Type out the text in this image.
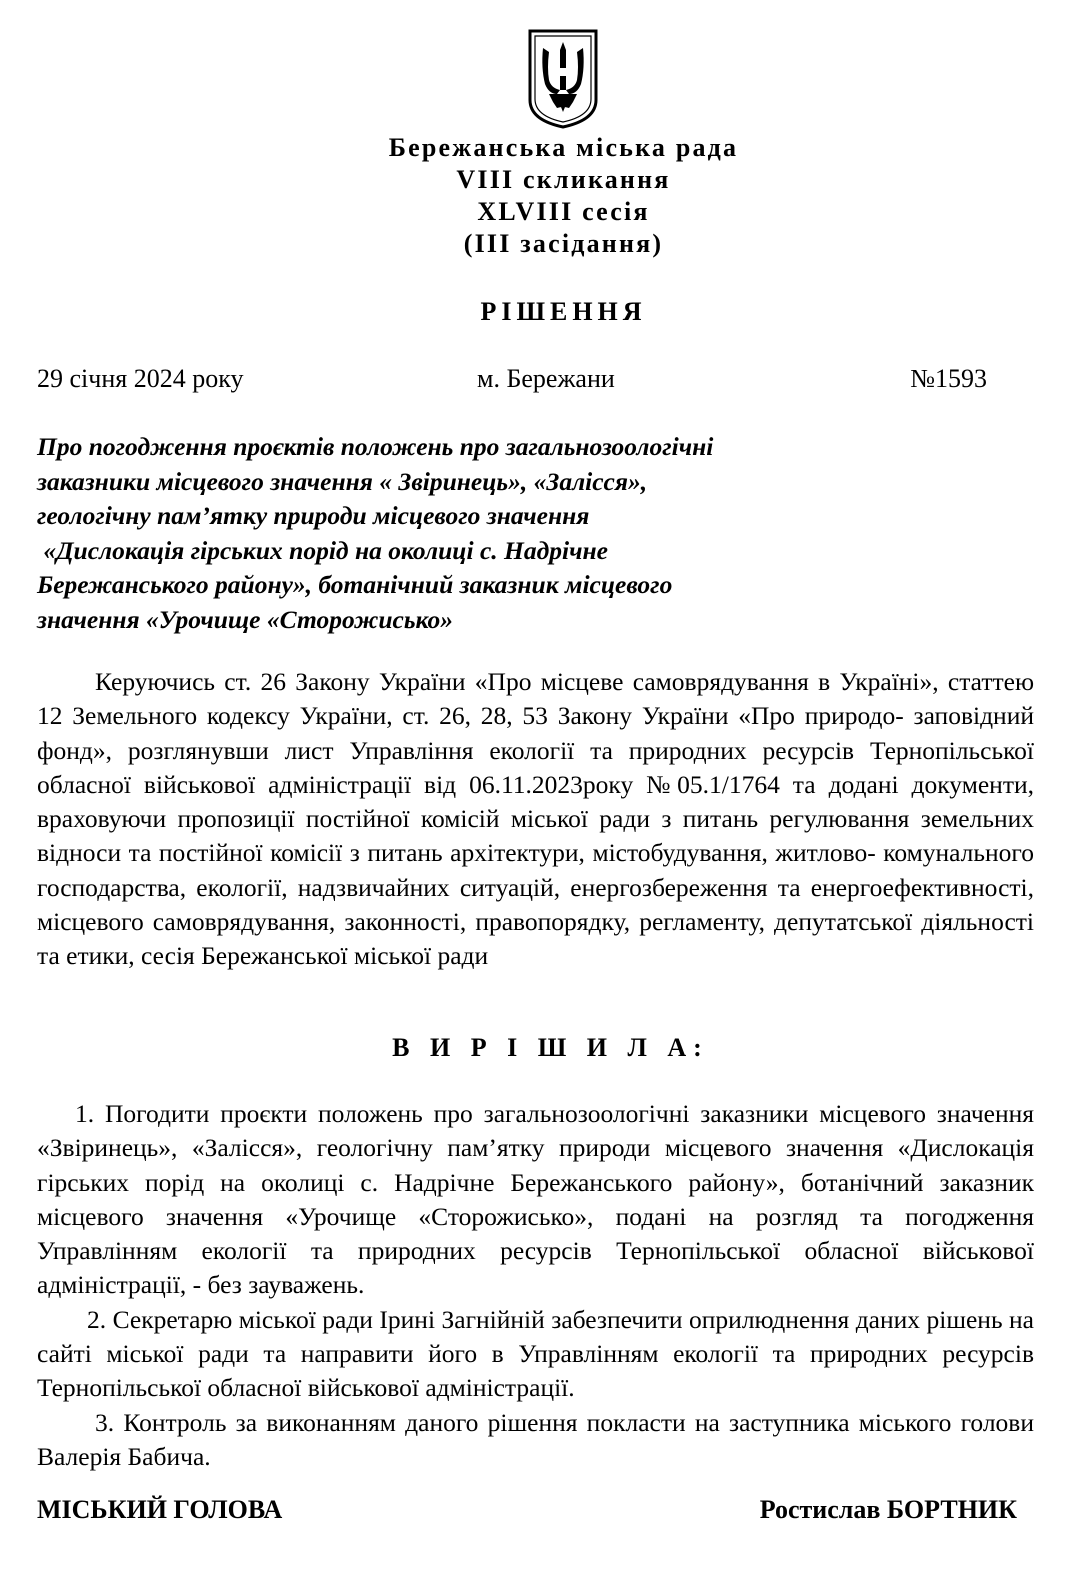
Бережанська міська рада
VIII скликання
XLVIII сесія
(III засідання)
РІШЕННЯ
29 січня 2024 року	м. Бережани	№1593
Про погодження проєктів положень про загальнозоологічні
заказники місцевого значення « Звіринець», «Залісся»,
геологічну пам’ятку природи місцевого значення
«Дислокація гірських порід на околиці с. Надрічне
Бережанського району», ботанічний заказник місцевого
значення «Урочище «Сторожисько»

Керуючись ст. 26 Закону України «Про місцеве самоврядування в Україні», статтею 12 Земельного кодексу України, ст. 26, 28, 53 Закону України «Про природо- заповідний фонд», розглянувши лист Управління екології та природних ресурсів Тернопільської обласної військової адміністрації від 06.11.2023року №05.1/1764 та додані документи, враховуючи пропозиції постійної комісій міської ради з питань регулювання земельних відноси та постійної комісії з питань архітектури, містобудування, житлово- комунального господарства, екології, надзвичайних ситуацій, енергозбереження та енергоефективності, місцевого самоврядування, законності, правопорядку, регламенту, депутатської діяльності та етики, сесія Бережанської міської ради

В И Р І Ш И Л А:

1. Погодити проєкти положень про загальнозоологічні заказники місцевого значення «Звіринець», «Залісся», геологічну пам’ятку природи місцевого значення «Дислокація гірських порід на околиці с. Надрічне Бережанського району», ботанічний заказник місцевого значення «Урочище «Сторожисько», подані на розгляд та погодження Управлінням екології та природних ресурсів Тернопільської обласної військової адміністрації, - без зауважень.

2. Секретарю міської ради Ірині Загнійній забезпечити оприлюднення даних рішень на сайті міської ради та направити його в Управлінням екології та природних ресурсів Тернопільської обласної військової адміністрації.

3. Контроль за виконанням даного рішення покласти на заступника міського голови Валерія Бабича.

МІСЬКИЙ ГОЛОВА	Ростислав БОРТНИК
